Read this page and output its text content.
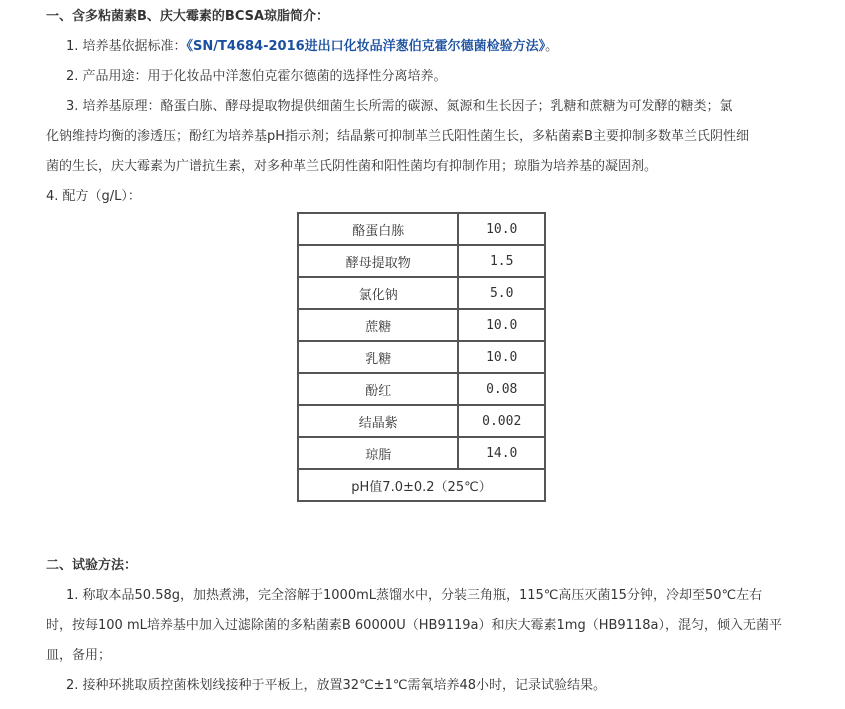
一、含多粘菌素B、庆大霉素的BCSA琼脂简介：
1. 培养基依据标准：《SN/T4684-2016进出口化妆品洋葱伯克霍尔德菌检验方法》。
2. 产品用途：用于化妆品中洋葱伯克霍尔德菌的选择性分离培养。
3. 培养基原理：酪蛋白胨、酵母提取物提供细菌生长所需的碳源、氮源和生长因子；乳糖和蔗糖为可发酵的糖类；氯
化钠维持均衡的渗透压；酚红为培养基pH指示剂；结晶紫可抑制革兰氏阳性菌生长，多粘菌素B主要抑制多数革兰氏阴性细
菌的生长，庆大霉素为广谱抗生素，对多种革兰氏阴性菌和阳性菌均有抑制作用；琼脂为培养基的凝固剂。
4. 配方（g/L）：
酪蛋白胨	10.0
酵母提取物	1.5
氯化钠	5.0
蔗糖	10.0
乳糖	10.0
酚红	0.08
结晶紫	0.002
琼脂	14.0
pH值7.0±0.2（25℃）	
二、试验方法：
1. 称取本品50.58g，加热煮沸，完全溶解于1000mL蒸馏水中，分装三角瓶，115℃高压灭菌15分钟，冷却至50℃左右
时，按每100 mL培养基中加入过滤除菌的多粘菌素B 60000U（HB9119a）和庆大霉素1mg（HB9118a），混匀，倾入无菌平
皿，备用；
2. 接种环挑取质控菌株划线接种于平板上，放置32℃±1℃需氧培养48小时，记录试验结果。
